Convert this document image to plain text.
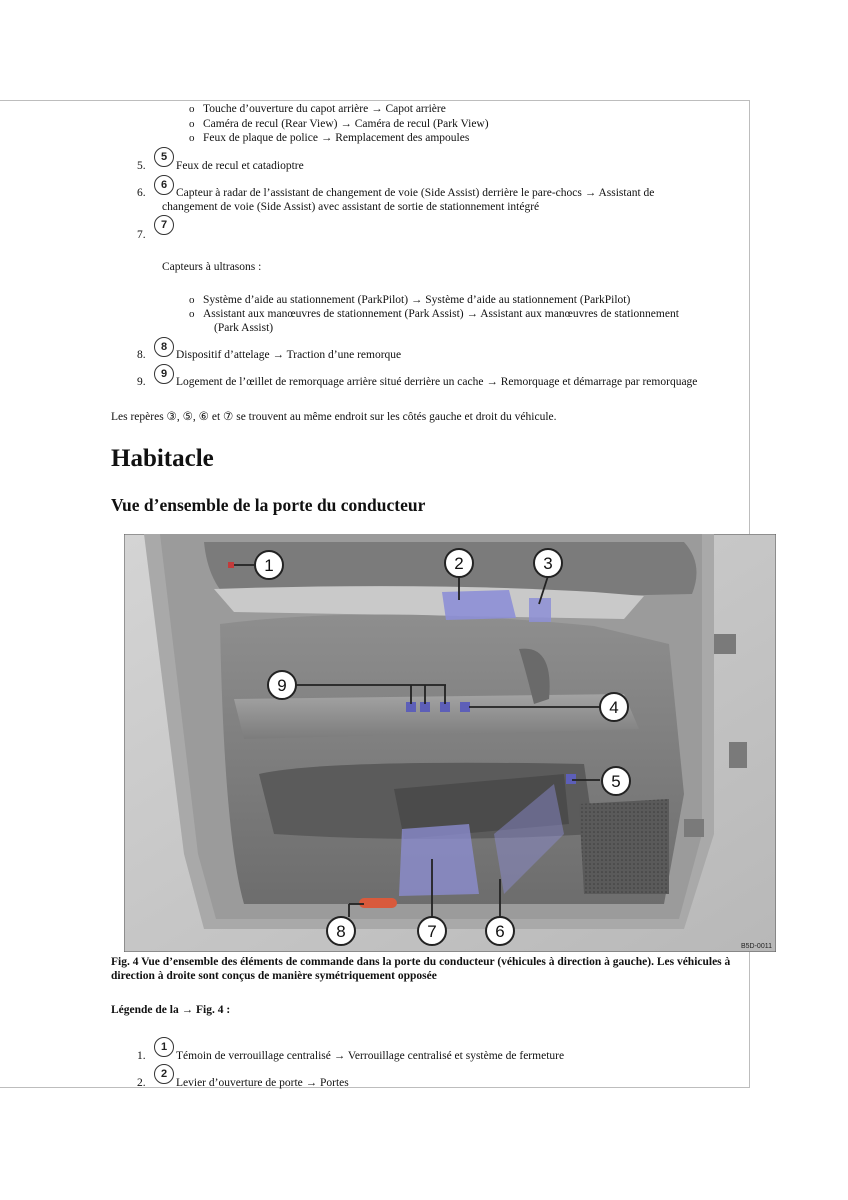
o Touche d’ouverture du capot arrière → Capot arrière
o Caméra de recul (Rear View) → Caméra de recul (Park View)
o Feux de plaque de police → Remplacement des ampoules
5.
5
Feux de recul et catadioptre
6.
6
Capteur à radar de l’assistant de changement de voie (Side Assist) derrière le pare-chocs → Assistant de
changement de voie (Side Assist) avec assistant de sortie de stationnement intégré
7.
7
Capteurs à ultrasons :
o Système d’aide au stationnement (ParkPilot) → Système d’aide au stationnement (ParkPilot)
o Assistant aux manœuvres de stationnement (Park Assist) → Assistant aux manœuvres de stationnement
(Park Assist)
8.
8
Dispositif d’attelage → Traction d’une remorque
9.
9
Logement de l’œillet de remorquage arrière situé derrière un cache → Remorquage et démarrage par remorquage
Les repères ③, ⑤, ⑥ et ⑦ se trouvent au même endroit sur les côtés gauche et droit du véhicule.
Habitacle
Vue d’ensemble de la porte du conducteur
1	2	3
4
5
6
7
8
9
B5D-0011
Fig. 4 Vue d’ensemble des éléments de commande dans la porte du conducteur (véhicules à direction à gauche). Les véhicules à direction à droite sont conçus de manière symétriquement opposée
Légende de la → Fig. 4 :
1.
1
Témoin de verrouillage centralisé → Verrouillage centralisé et système de fermeture
2.
2
Levier d’ouverture de porte → Portes
